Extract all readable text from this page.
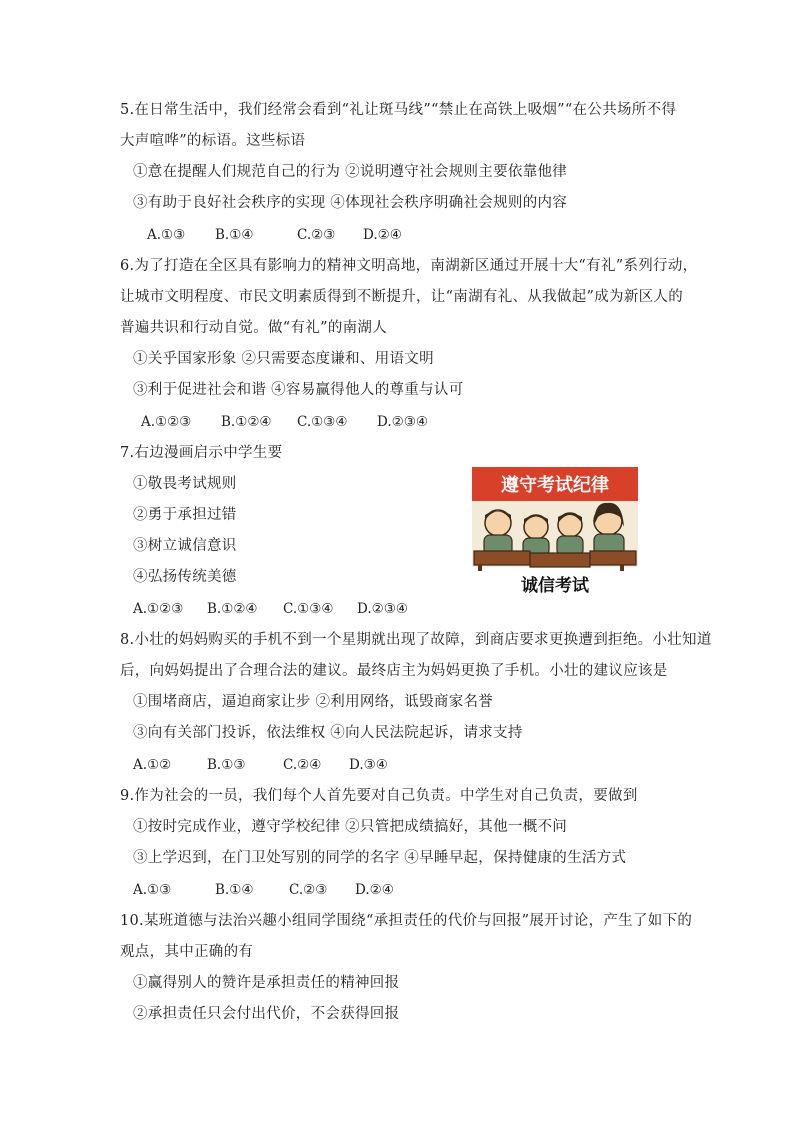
5.在日常生活中，我们经常会看到“礼让斑马线”“禁止在高铁上吸烟”“在公共场所不得
大声喧哗”的标语。这些标语
①意在提醒人们规范自己的行为 ②说明遵守社会规则主要依靠他律
③有助于良好社会秩序的实现 ④体现社会秩序明确社会规则的内容
A.①③ B.①④	C.②③ D.②④
6.为了打造在全区具有影响力的精神文明高地，南湖新区通过开展十大“有礼”系列行动，
让城市文明程度、市民文明素质得到不断提升，让“南湖有礼、从我做起”成为新区人的
普遍共识和行动自觉。做“有礼”的南湖人
①关乎国家形象 ②只需要态度谦和、用语文明
③利于促进社会和谐 ④容易赢得他人的尊重与认可
A.①②③ B.①②④ C.①③④ D.②③④
7.右边漫画启示中学生要
①敬畏考试规则
②勇于承担过错
③树立诚信意识
④弘扬传统美德
A.①②③ B.①②④ C.①③④ D.②③④
遵守考试纪律
诚信考试
8.小壮的妈妈购买的手机不到一个星期就出现了故障，到商店要求更换遭到拒绝。小壮知道
后，向妈妈提出了合理合法的建议。最终店主为妈妈更换了手机。小壮的建议应该是
①围堵商店，逼迫商家让步 ②利用网络，诋毁商家名誉
③向有关部门投诉，依法维权 ④向人民法院起诉，请求支持
A.①②	B.①③	C.②④ D.③④
9.作为社会的一员，我们每个人首先要对自己负责。中学生对自己负责，要做到
①按时完成作业，遵守学校纪律 ②只管把成绩搞好，其他一概不问
③上学迟到，在门卫处写别的同学的名字 ④早睡早起，保持健康的生活方式
A.①③	B.①④	C.②③ D.②④
10.某班道德与法治兴趣小组同学围绕“承担责任的代价与回报”展开讨论，产生了如下的
观点，其中正确的有
①赢得别人的赞许是承担责任的精神回报
②承担责任只会付出代价，不会获得回报
